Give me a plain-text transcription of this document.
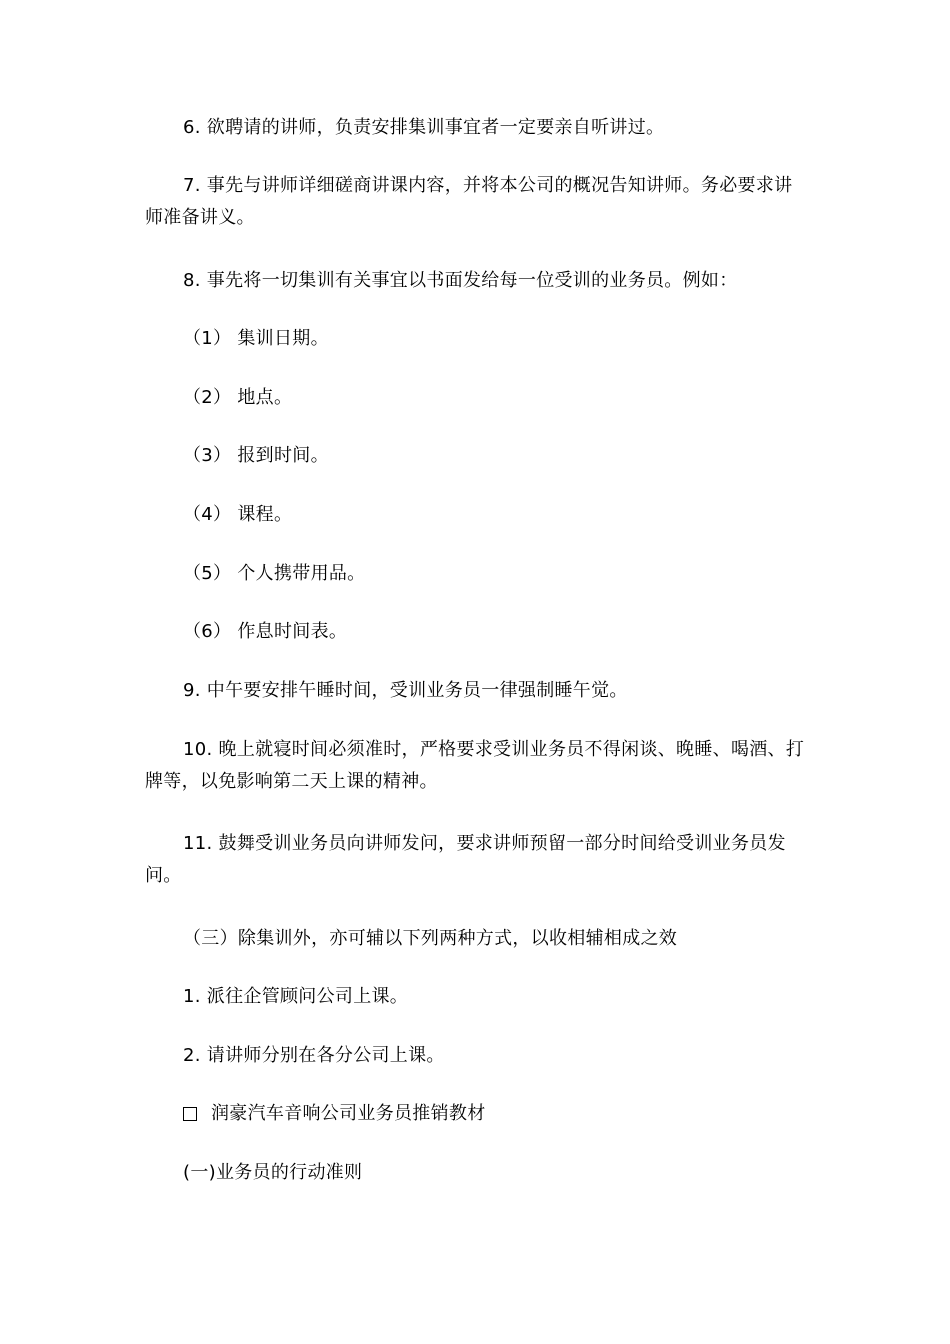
6. 欲聘请的讲师，负责安排集训事宜者一定要亲自听讲过。

7. 事先与讲师详细磋商讲课内容，并将本公司的概况告知讲师。务必要求讲师准备讲义。

8. 事先将一切集训有关事宜以书面发给每一位受训的业务员。例如：

（1） 集训日期。

（2） 地点。

（3） 报到时间。

（4） 课程。

（5） 个人携带用品。

（6） 作息时间表。

9. 中午要安排午睡时间，受训业务员一律强制睡午觉。

10. 晚上就寝时间必须准时，严格要求受训业务员不得闲谈、晚睡、喝酒、打牌等，以免影响第二天上课的精神。

11. 鼓舞受训业务员向讲师发问，要求讲师预留一部分时间给受训业务员发问。

（三）除集训外，亦可辅以下列两种方式，以收相辅相成之效

1. 派往企管顾问公司上课。

2. 请讲师分别在各分公司上课。

润豪汽车音响公司业务员推销教材

(一)业务员的行动准则
